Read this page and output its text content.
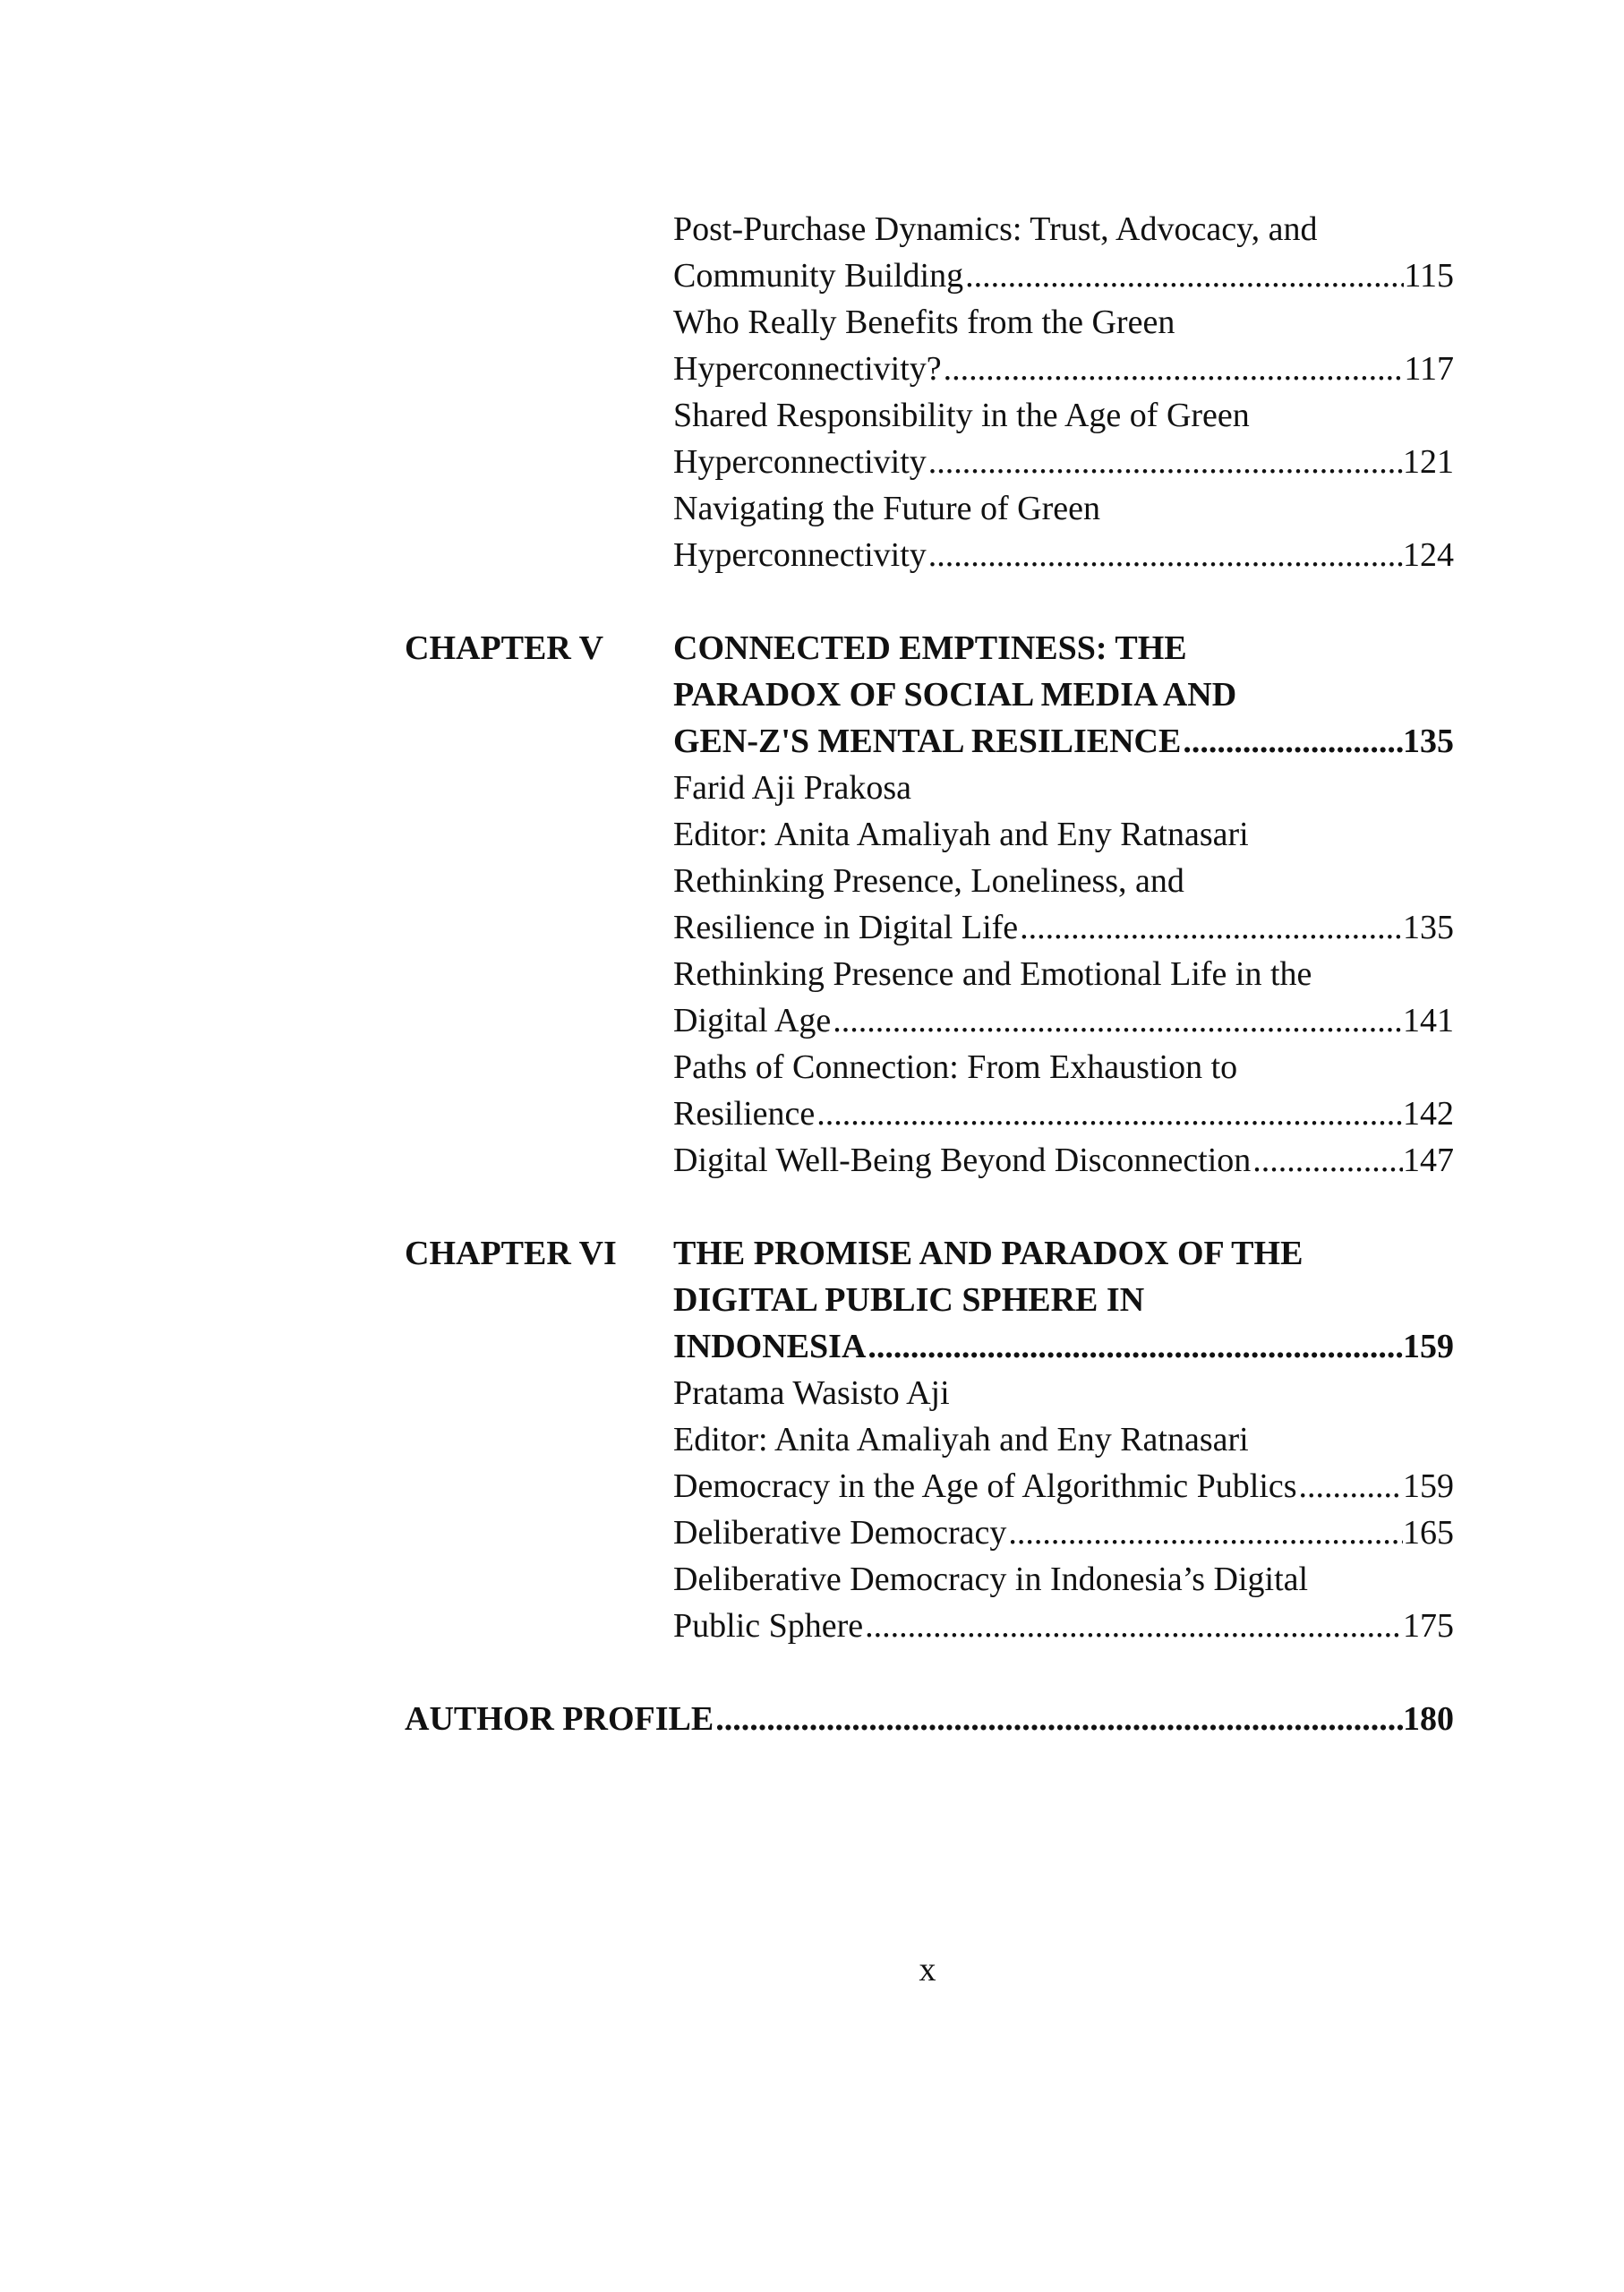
Post-Purchase Dynamics: Trust, Advocacy, and
Community Building .....	115
Who Really Benefits from the Green
Hyperconnectivity? .....	117
Shared Responsibility in the Age of Green
Hyperconnectivity .....	121
Navigating the Future of Green
Hyperconnectivity .....	124
CHAPTER V	CONNECTED EMPTINESS: THE
PARADOX OF SOCIAL MEDIA AND
GEN-Z'S MENTAL RESILIENCE .....	135
Farid Aji Prakosa
Editor: Anita Amaliyah and Eny Ratnasari
Rethinking Presence, Loneliness, and
Resilience in Digital Life .....	135
Rethinking Presence and Emotional Life in the
Digital Age .....	141
Paths of Connection: From Exhaustion to
Resilience .....	142
Digital Well-Being Beyond Disconnection .....	147
CHAPTER VI	THE PROMISE AND PARADOX OF THE
DIGITAL PUBLIC SPHERE IN
INDONESIA .....	159
Pratama Wasisto Aji
Editor: Anita Amaliyah and Eny Ratnasari
Democracy in the Age of Algorithmic Publics .....	159
Deliberative Democracy .....	165
Deliberative Democracy in Indonesia’s Digital
Public Sphere .....	175
AUTHOR PROFILE .....	180
x
